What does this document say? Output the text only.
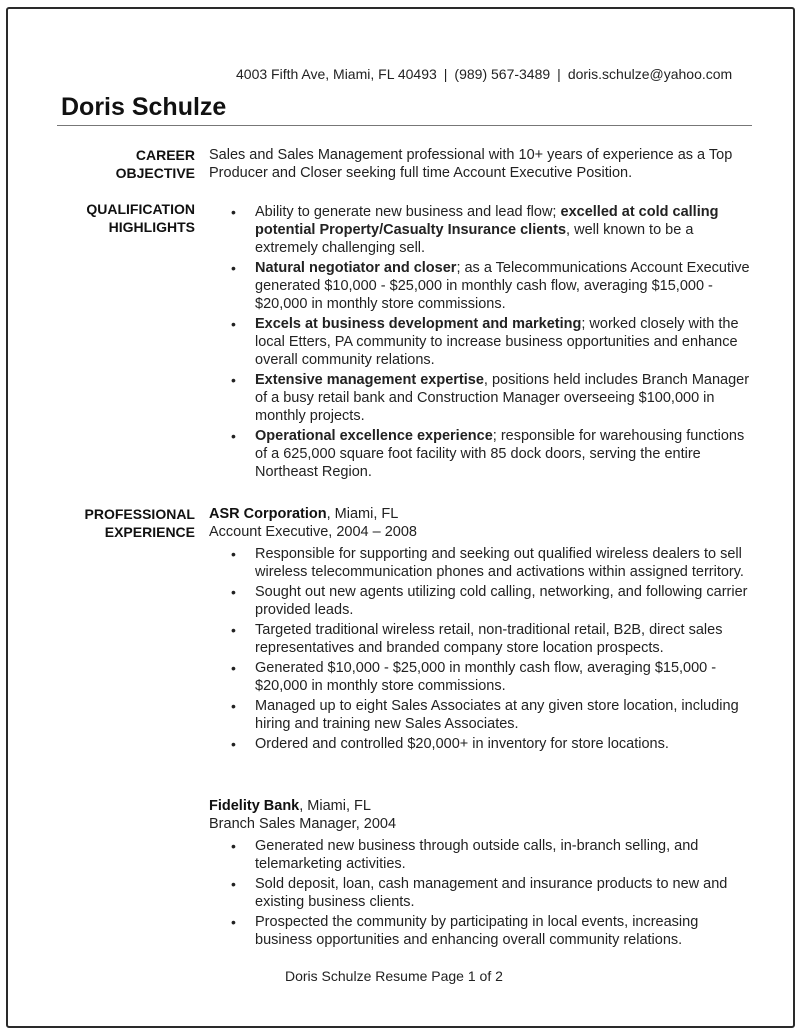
4003 Fifth Ave, Miami, FL 40493 | (989) 567-3489 | doris.schulze@yahoo.com
Doris Schulze
CAREER
OBJECTIVE
Sales and Sales Management professional with 10+ years of experience as a Top Producer and Closer seeking full time Account Executive Position.
QUALIFICATION
HIGHLIGHTS
• Ability to generate new business and lead flow; excelled at cold calling potential Property/Casualty Insurance clients, well known to be a extremely challenging sell.
• Natural negotiator and closer; as a Telecommunications Account Executive generated $10,000 - $25,000 in monthly cash flow, averaging $15,000 - $20,000 in monthly store commissions.
• Excels at business development and marketing; worked closely with the local Etters, PA community to increase business opportunities and enhance overall community relations.
• Extensive management expertise, positions held includes Branch Manager of a busy retail bank and Construction Manager overseeing $100,000 in monthly projects.
• Operational excellence experience; responsible for warehousing functions of a 625,000 square foot facility with 85 dock doors, serving the entire Northeast Region.
PROFESSIONAL
EXPERIENCE
ASR Corporation, Miami, FL
Account Executive, 2004 – 2008
• Responsible for supporting and seeking out qualified wireless dealers to sell wireless telecommunication phones and activations within assigned territory.
• Sought out new agents utilizing cold calling, networking, and following carrier provided leads.
• Targeted traditional wireless retail, non-traditional retail, B2B, direct sales representatives and branded company store location prospects.
• Generated $10,000 - $25,000 in monthly cash flow, averaging $15,000 - $20,000 in monthly store commissions.
• Managed up to eight Sales Associates at any given store location, including hiring and training new Sales Associates.
• Ordered and controlled $20,000+ in inventory for store locations.
Fidelity Bank, Miami, FL
Branch Sales Manager, 2004
• Generated new business through outside calls, in-branch selling, and telemarketing activities.
• Sold deposit, loan, cash management and insurance products to new and existing business clients.
• Prospected the community by participating in local events, increasing business opportunities and enhancing overall community relations.
Doris Schulze Resume Page 1 of 2
